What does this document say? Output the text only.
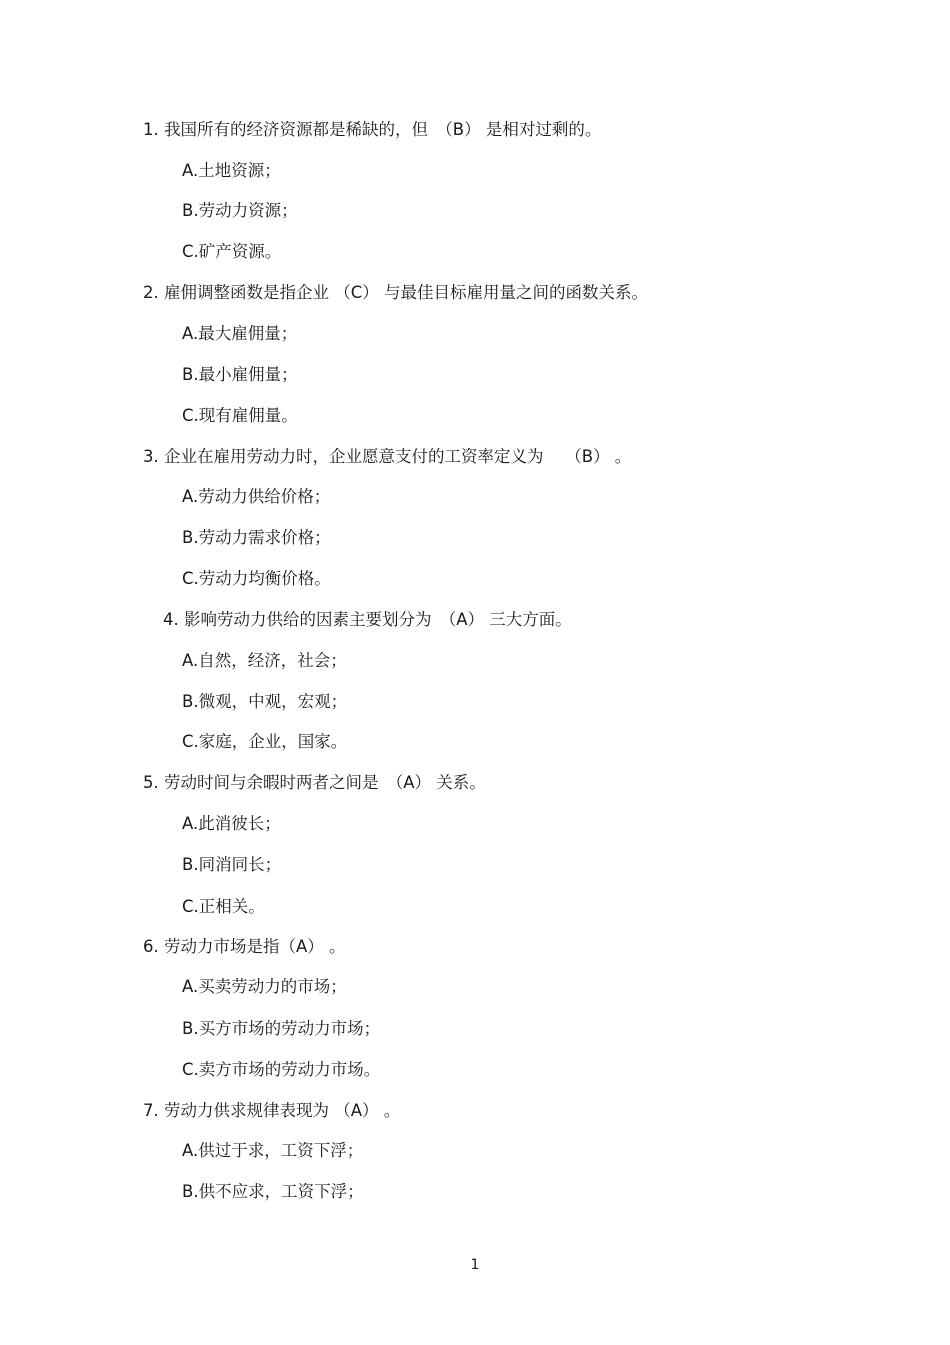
1. 我国所有的经济资源都是稀缺的，但　（B） 是相对过剩的。
A.土地资源；
B.劳动力资源；
C.矿产资源。
2. 雇佣调整函数是指企业 （C） 与最佳目标雇用量之间的函数关系。
A.最大雇佣量；
B.最小雇佣量；
C.现有雇佣量。
3. 企业在雇用劳动力时，企业愿意支付的工资率定义为　 （B） 。
A.劳动力供给价格；
B.劳动力需求价格；
C.劳动力均衡价格。
4. 影响劳动力供给的因素主要划分为　（A） 三大方面。
A.自然，经济，社会；
B.微观，中观，宏观；
C.家庭，企业，国家。
5. 劳动时间与余暇时两者之间是　（A） 关系。
A.此消彼长；
B.同消同长；
C.正相关。
6. 劳动力市场是指（A） 。
A.买卖劳动力的市场；
B.买方市场的劳动力市场；
C.卖方市场的劳动力市场。
7. 劳动力供求规律表现为 （A） 。
A.供过于求，工资下浮；
B.供不应求，工资下浮；
1
